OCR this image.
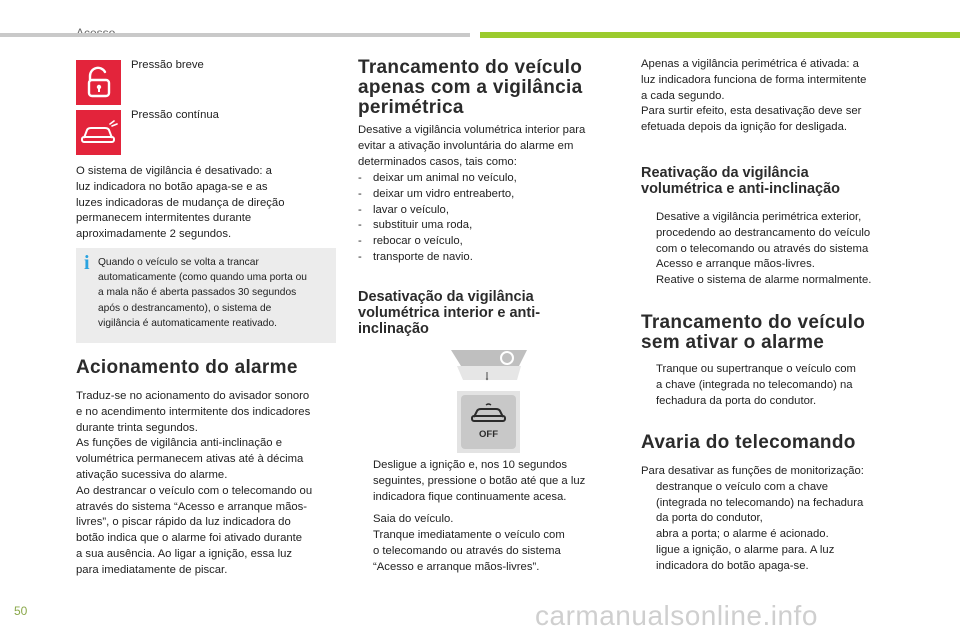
Pressão breve
Pressão contínua
O sistema de vigilância é desativado: a
luz indicadora no botão apaga-se e as
luzes indicadoras de mudança de direção
permanecem intermitentes durante
aproximadamente 2 segundos.
i Quando o veículo se volta a trancar
automaticamente (como quando uma porta ou
a mala não é aberta passados 30 segundos
após o destrancamento), o sistema de
vigilância é automaticamente reativado.
Acionamento do alarme
Traduz-se no acionamento do avisador sonoro
e no acendimento intermitente dos indicadores
durante trinta segundos.
As funções de vigilância anti-inclinação e
volumétrica permanecem ativas até à décima
ativação sucessiva do alarme.
Ao destrancar o veículo com o telecomando ou
através do sistema “Acesso e arranque mãos-
livres”, o piscar rápido da luz indicadora do
botão indica que o alarme foi ativado durante
a sua ausência. Ao ligar a ignição, essa luz
para imediatamente de piscar.
Trancamento do veículo
apenas com a vigilância
perimétrica
Desative a vigilância volumétrica interior para
evitar a ativação involuntária do alarme em
determinados casos, tais como:
- deixar um animal no veículo,
- deixar um vidro entreaberto,
- lavar o veículo,
- substituir uma roda,
- rebocar o veículo,
- transporte de navio.
Desativação da vigilância
volumétrica interior e anti-
inclinação
OFF
Desligue a ignição e, nos 10 segundos
seguintes, pressione o botão até que a luz
indicadora fique continuamente acesa.
Saia do veículo.
Tranque imediatamente o veículo com
o telecomando ou através do sistema
“Acesso e arranque mãos-livres”.
Apenas a vigilância perimétrica é ativada: a
luz indicadora funciona de forma intermitente
a cada segundo.
Para surtir efeito, esta desativação deve ser
efetuada depois da ignição for desligada.
Reativação da vigilância
volumétrica e anti-inclinação
Desative a vigilância perimétrica exterior,
procedendo ao destrancamento do veículo
com o telecomando ou através do sistema
Acesso e arranque mãos-livres.
Reative o sistema de alarme normalmente.
Trancamento do veículo
sem ativar o alarme
Tranque ou supertranque o veículo com
a chave (integrada no telecomando) na
fechadura da porta do condutor.
Avaria do telecomando
Para desativar as funções de monitorização:
destranque o veículo com a chave
(integrada no telecomando) na fechadura
da porta do condutor,
abra a porta; o alarme é acionado.
ligue a ignição, o alarme para. A luz
indicadora do botão apaga-se.
50	carmanualsonline.info
